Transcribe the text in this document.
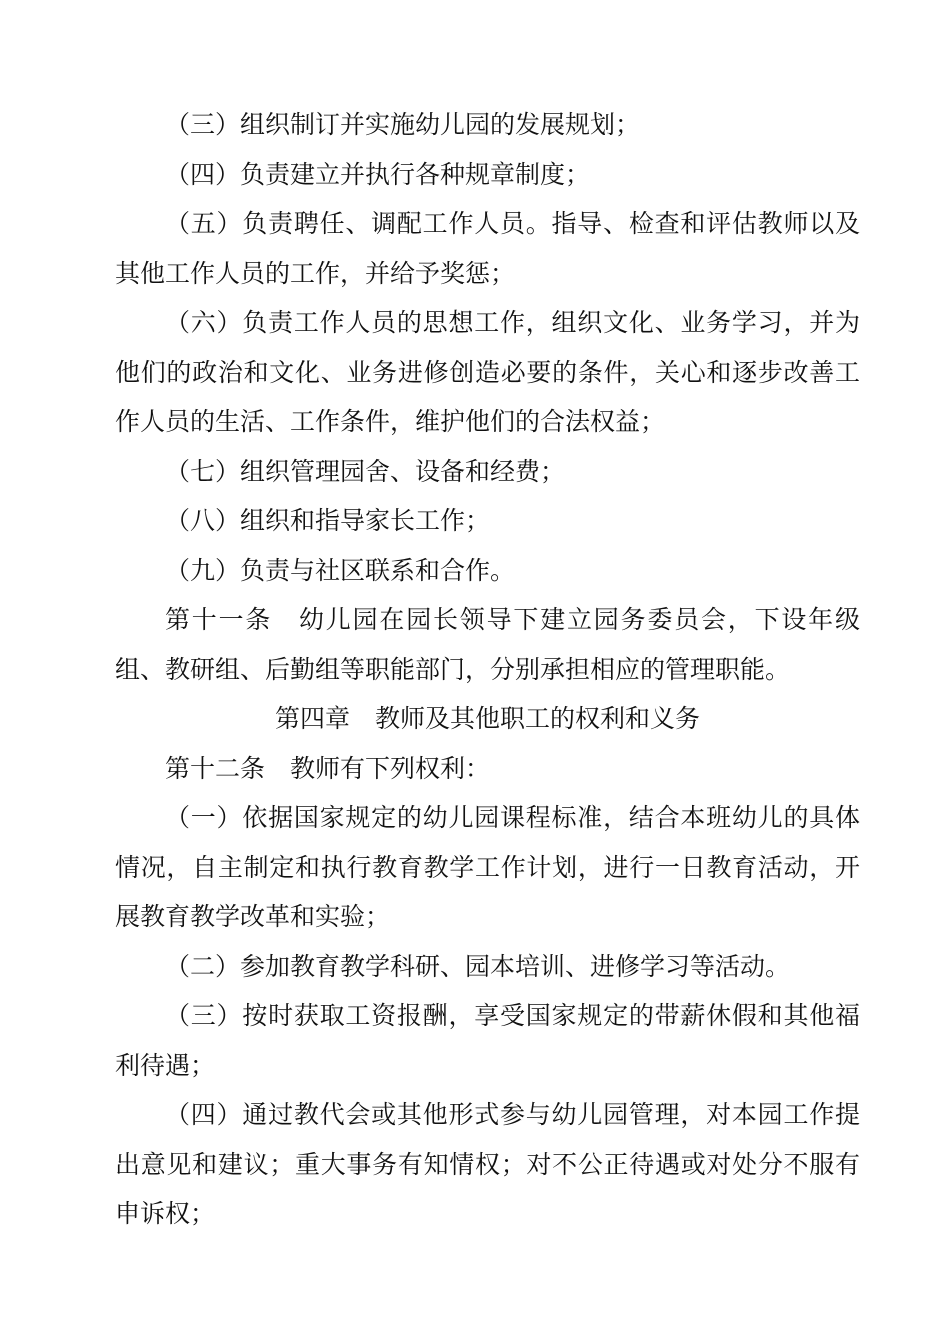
（三）组织制订并实施幼儿园的发展规划；

（四）负责建立并执行各种规章制度；

（五）负责聘任、调配工作人员。指导、检查和评估教师以及其他工作人员的工作，并给予奖惩；

（六）负责工作人员的思想工作，组织文化、业务学习，并为他们的政治和文化、业务进修创造必要的条件，关心和逐步改善工作人员的生活、工作条件，维护他们的合法权益；

（七）组织管理园舍、设备和经费；

（八）组织和指导家长工作；

（九）负责与社区联系和合作。

第十一条　幼儿园在园长领导下建立园务委员会，下设年级组、教研组、后勤组等职能部门，分别承担相应的管理职能。

第四章　教师及其他职工的权利和义务

第十二条　教师有下列权利：

（一）依据国家规定的幼儿园课程标准，结合本班幼儿的具体情况，自主制定和执行教育教学工作计划，进行一日教育活动，开展教育教学改革和实验；

（二）参加教育教学科研、园本培训、进修学习等活动。

（三）按时获取工资报酬，享受国家规定的带薪休假和其他福利待遇；

（四）通过教代会或其他形式参与幼儿园管理，对本园工作提出意见和建议；重大事务有知情权；对不公正待遇或对处分不服有申诉权；
